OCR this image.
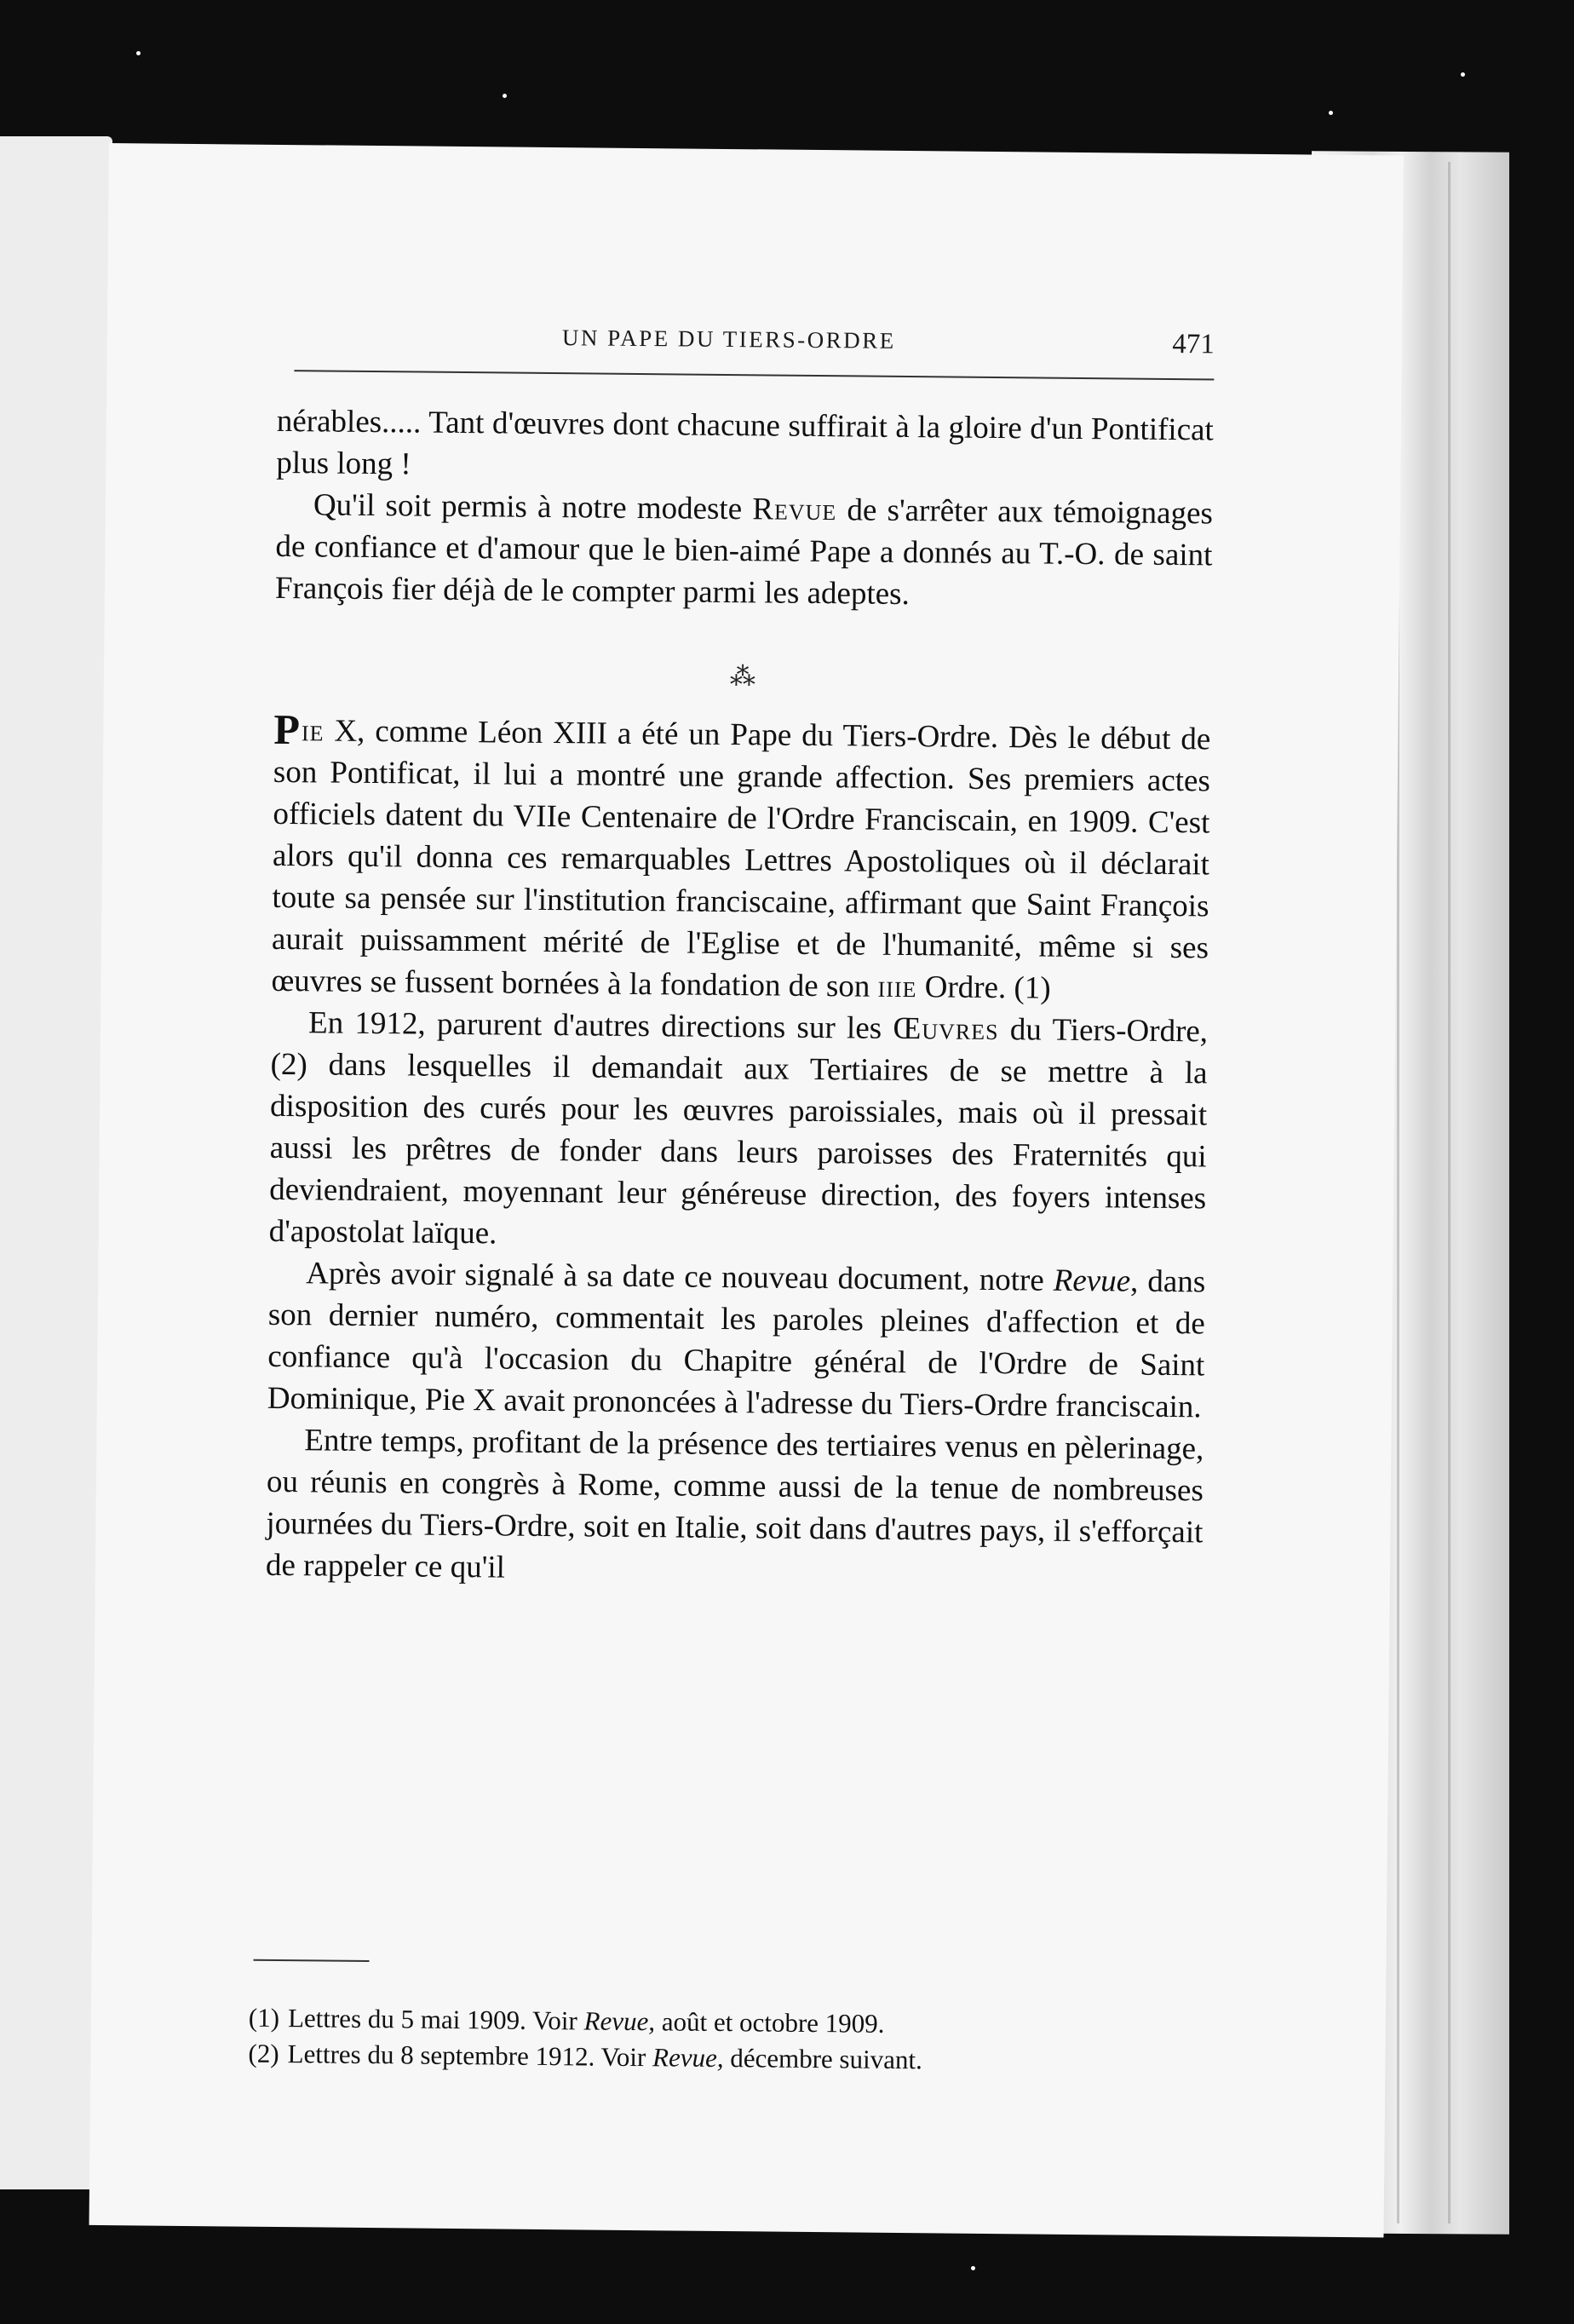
UN PAPE DU TIERS-ORDRE	471

nérables..... Tant d'œuvres dont chacune suffirait à la gloire d'un Pontificat plus long !

Qu'il soit permis à notre modeste Revue de s'arrêter aux témoignages de confiance et d'amour que le bien-aimé Pape a donnés au T.-O. de saint François fier déjà de le compter parmi les adeptes.

⁂

Pie X, comme Léon XIII a été un Pape du Tiers-Ordre. Dès le début de son Pontificat, il lui a montré une grande affection. Ses premiers actes officiels datent du VIIe Centenaire de l'Ordre Franciscain, en 1909. C'est alors qu'il donna ces remarquables Lettres Apostoliques où il déclarait toute sa pensée sur l'institution franciscaine, affirmant que Saint François aurait puissamment mérité de l'Eglise et de l'humanité, même si ses œuvres se fussent bornées à la fondation de son iiie Ordre. (1)

En 1912, parurent d'autres directions sur les Œuvres du Tiers-Ordre, (2) dans lesquelles il demandait aux Tertiaires de se mettre à la disposition des curés pour les œuvres paroissiales, mais où il pressait aussi les prêtres de fonder dans leurs paroisses des Fraternités qui deviendraient, moyennant leur généreuse direction, des foyers intenses d'apostolat laïque.

Après avoir signalé à sa date ce nouveau document, notre Revue, dans son dernier numéro, commentait les paroles pleines d'affection et de confiance qu'à l'occasion du Chapitre général de l'Ordre de Saint Dominique, Pie X avait prononcées à l'adresse du Tiers-Ordre franciscain.

Entre temps, profitant de la présence des tertiaires venus en pèlerinage, ou réunis en congrès à Rome, comme aussi de la tenue de nombreuses journées du Tiers-Ordre, soit en Italie, soit dans d'autres pays, il s'efforçait de rappeler ce qu'il

(1) Lettres du 5 mai 1909. Voir Revue, août et octobre 1909.
(2) Lettres du 8 septembre 1912. Voir Revue, décembre suivant.
